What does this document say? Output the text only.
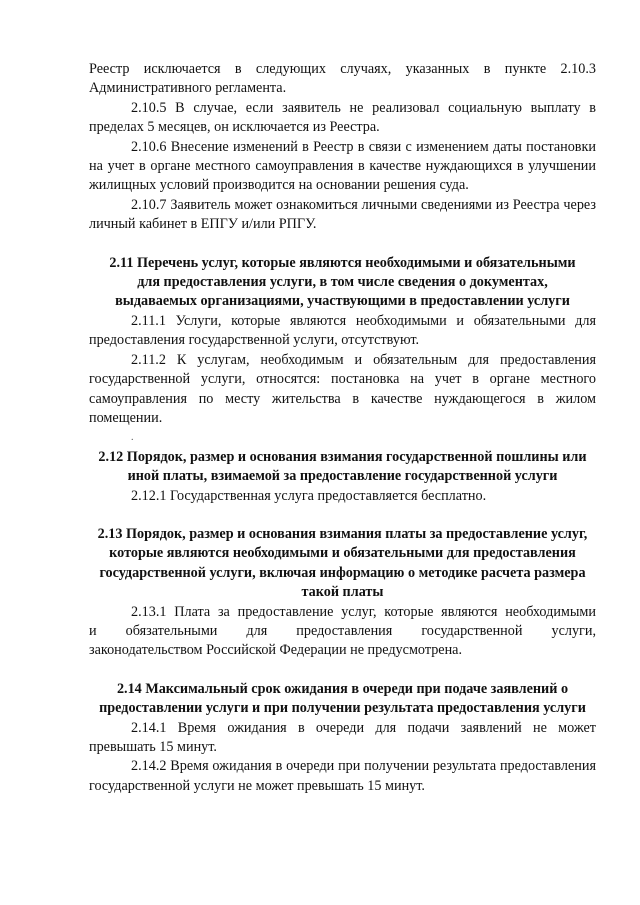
Реестр исключается в следующих случаях, указанных в пункте 2.10.3 Административного регламента.

2.10.5 В случае, если заявитель не реализовал социальную выплату в пределах 5 месяцев, он исключается из Реестра.

2.10.6 Внесение изменений в Реестр в связи с изменением даты постановки на учет в органе местного самоуправления в качестве нуждающихся в улучшении жилищных условий производится на основании решения суда.

2.10.7 Заявитель может ознакомиться личными сведениями из Реестра через личный кабинет в ЕПГУ и/или РПГУ.

2.11 Перечень услуг, которые являются необходимыми и обязательными для предоставления услуги, в том числе сведения о документах, выдаваемых организациями, участвующими в предоставлении услуги

2.11.1 Услуги, которые являются необходимыми и обязательными для предоставления государственной услуги, отсутствуют.

2.11.2 К услугам, необходимым и обязательным для предоставления государственной услуги, относятся: постановка на учет в органе местного самоуправления по месту жительства в качестве нуждающегося в жилом помещении.

.
2.12 Порядок, размер и основания взимания государственной пошлины или иной платы, взимаемой за предоставление государственной услуги

2.12.1 Государственная услуга предоставляется бесплатно.

2.13 Порядок, размер и основания взимания платы за предоставление услуг, которые являются необходимыми и обязательными для предоставления государственной услуги, включая информацию о методике расчета размера такой платы

2.13.1 Плата за предоставление услуг, которые являются необходимыми

и обязательными для предоставления государственной услуги,

законодательством Российской Федерации не предусмотрена.

2.14 Максимальный срок ожидания в очереди при подаче заявлений о предоставлении услуги и при получении результата предоставления услуги

2.14.1 Время ожидания в очереди для подачи заявлений не может превышать 15 минут.

2.14.2 Время ожидания в очереди при получении результата предоставления государственной услуги не может превышать 15 минут.
